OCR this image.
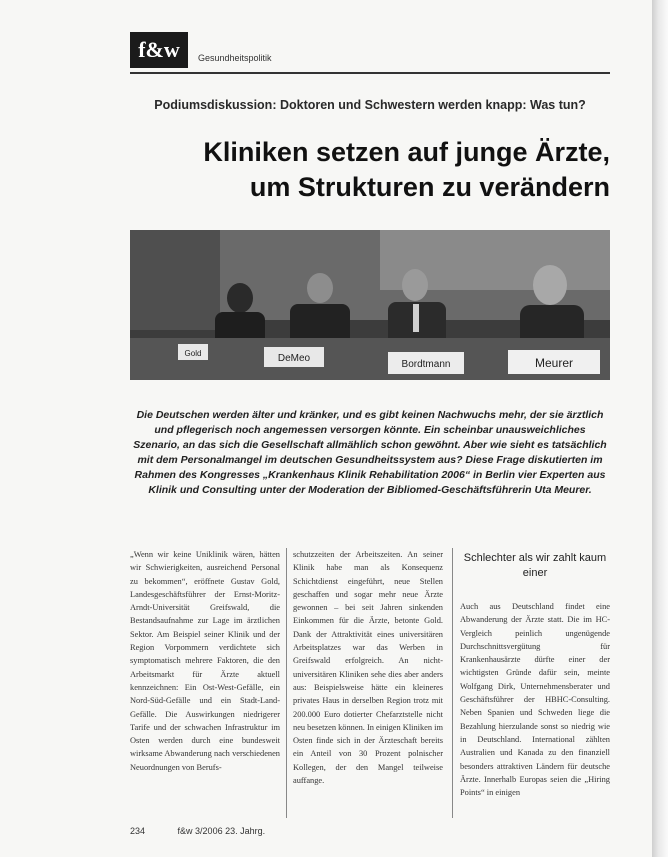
f&w	Gesundheitspolitik
Podiumsdiskussion: Doktoren und Schwestern werden knapp: Was tun?
Kliniken setzen auf junge Ärzte,
um Strukturen zu verändern
Gold	DeMeo
Bordtmann	Meurer
Die Deutschen werden älter und kränker, und es gibt keinen Nachwuchs mehr, der sie ärztlich und pflegerisch noch angemessen versorgen könnte. Ein scheinbar unausweichliches Szenario, an das sich die Gesellschaft allmählich schon gewöhnt. Aber wie sieht es tatsächlich mit dem Personalmangel im deutschen Gesundheitssystem aus? Diese Frage diskutierten im Rahmen des Kongresses „Krankenhaus Klinik Rehabilitation 2006“ in Berlin vier Experten aus Klinik und Consulting unter der Moderation der Bibliomed-Geschäftsführerin Uta Meurer.

„Wenn wir keine Uniklinik wären, hätten wir Schwierigkeiten, ausreichend Personal zu bekommen“, eröffnete Gustav Gold, Landesgeschäftsführer der Ernst-Moritz-Arndt-Universität Greifswald, die Bestandsaufnahme zur Lage im ärztlichen Sektor. Am Beispiel seiner Klinik und der Region Vorpommern verdichtete sich symptomatisch mehrere Faktoren, die den Arbeitsmarkt für Ärzte aktuell kennzeichnen: Ein Ost-West-Gefälle, ein Nord-Süd-Gefälle und ein Stadt-Land-Gefälle. Die Auswirkungen niedrigerer Tarife und der schwachen Infrastruktur im Osten werden durch eine bundesweit wirksame Abwanderung nach verschiedenen Neuordnungen von Berufs-

schutzzeiten der Arbeitszeiten. An seiner Klinik habe man als Konsequenz Schichtdienst eingeführt, neue Stellen geschaffen und sogar mehr neue Ärzte gewonnen – bei seit Jahren sinkenden Einkommen für die Ärzte, betonte Gold. Dank der Attraktivität eines universitären Arbeitsplatzes war das Werben in Greifswald erfolgreich. An nicht-universitären Kliniken sehe dies aber anders aus: Beispielsweise hätte ein kleineres privates Haus in derselben Region trotz mit 200.000 Euro dotierter Chefarztstelle nicht neu besetzen können. In einigen Kliniken im Osten finde sich in der Ärzteschaft bereits ein Anteil von 30 Prozent polnischer Kollegen, der den Mangel teilweise auffange.

Schlechter als wir zahlt kaum einer

Auch aus Deutschland findet eine Abwanderung der Ärzte statt. Die im HC-Vergleich peinlich ungenügende Durchschnittsvergütung für Krankenhausärzte dürfte einer der wichtigsten Gründe dafür sein, meinte Wolfgang Dirk, Unternehmensberater und Geschäftsführer der HBHC-Consulting. Neben Spanien und Schweden liege die Bezahlung hierzulande sonst so niedrig wie in Deutschland. International zählten Australien und Kanada zu den finanziell besonders attraktiven Ländern für deutsche Ärzte. Innerhalb Europas seien die „Hiring Points“ in einigen

234	f&w 3/2006 23. Jahrg.
